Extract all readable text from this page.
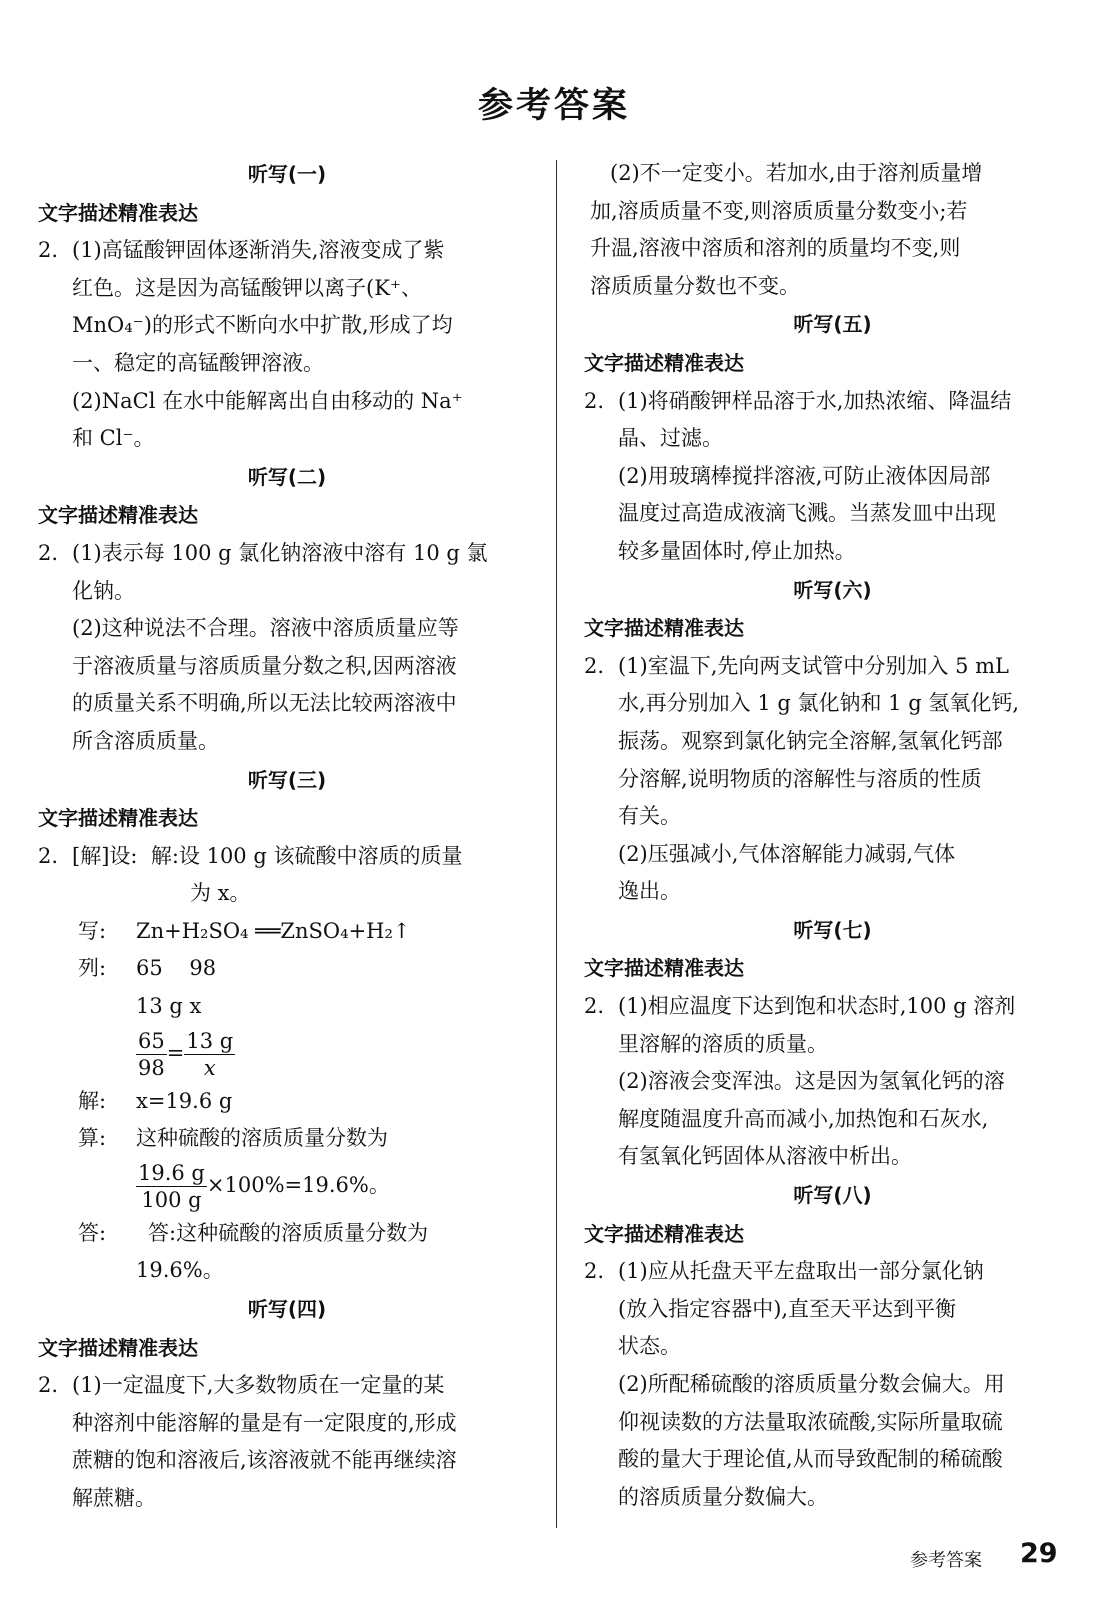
参考答案
听写(一)
文字描述精准表达
2. (1)高锰酸钾固体逐渐消失,溶液变成了紫

红色。这是因为高锰酸钾以离子(K⁺、

MnO₄⁻)的形式不断向水中扩散,形成了均

一、稳定的高锰酸钾溶液。

(2)NaCl 在水中能解离出自由移动的 Na⁺

和 Cl⁻。

听写(二)
文字描述精准表达
2. (1)表示每 100 g 氯化钠溶液中溶有 10 g 氯

化钠。

(2)这种说法不合理。溶液中溶质质量应等

于溶液质量与溶质质量分数之积,因两溶液

的质量关系不明确,所以无法比较两溶液中

所含溶质质量。

听写(三)
文字描述精准表达
2. [解]设: 解:设 100 g 该硫酸中溶质的质量

为 x。

写:	Zn+H₂SO₄ ══ZnSO₄+H₂↑

列:	65    98

13 g x

$\frac{65}{98} = \frac{13 g}{x}$

解:	x=19.6 g

算:	这种硫酸的溶质质量分数为

$\frac{19.6 g}{100 g} \times 100\%=19.6\%$。

答:	答:这种硫酸的溶质质量分数为

19.6%。

听写(四)
文字描述精准表达
2. (1)一定温度下,大多数物质在一定量的某

种溶剂中能溶解的量是有一定限度的,形成

蔗糖的饱和溶液后,该溶液就不能再继续溶

解蔗糖。

(2)不一定变小。若加水,由于溶剂质量增

加,溶质质量不变,则溶质质量分数变小;若

升温,溶液中溶质和溶剂的质量均不变,则

溶质质量分数也不变。

听写(五)
文字描述精准表达
2. (1)将硝酸钾样品溶于水,加热浓缩、降温结

晶、过滤。

(2)用玻璃棒搅拌溶液,可防止液体因局部

温度过高造成液滴飞溅。当蒸发皿中出现

较多量固体时,停止加热。

听写(六)
文字描述精准表达
2. (1)室温下,先向两支试管中分别加入 5 mL

水,再分别加入 1 g 氯化钠和 1 g 氢氧化钙,

振荡。观察到氯化钠完全溶解,氢氧化钙部

分溶解,说明物质的溶解性与溶质的性质

有关。

(2)压强减小,气体溶解能力减弱,气体

逸出。

听写(七)
文字描述精准表达
2. (1)相应温度下达到饱和状态时,100 g 溶剂

里溶解的溶质的质量。

(2)溶液会变浑浊。这是因为氢氧化钙的溶

解度随温度升高而减小,加热饱和石灰水,

有氢氧化钙固体从溶液中析出。

听写(八)
文字描述精准表达
2. (1)应从托盘天平左盘取出一部分氯化钠

(放入指定容器中),直至天平达到平衡

状态。

(2)所配稀硫酸的溶质质量分数会偏大。用

仰视读数的方法量取浓硫酸,实际所量取硫

酸的量大于理论值,从而导致配制的稀硫酸

的溶质质量分数偏大。

参考答案 29
